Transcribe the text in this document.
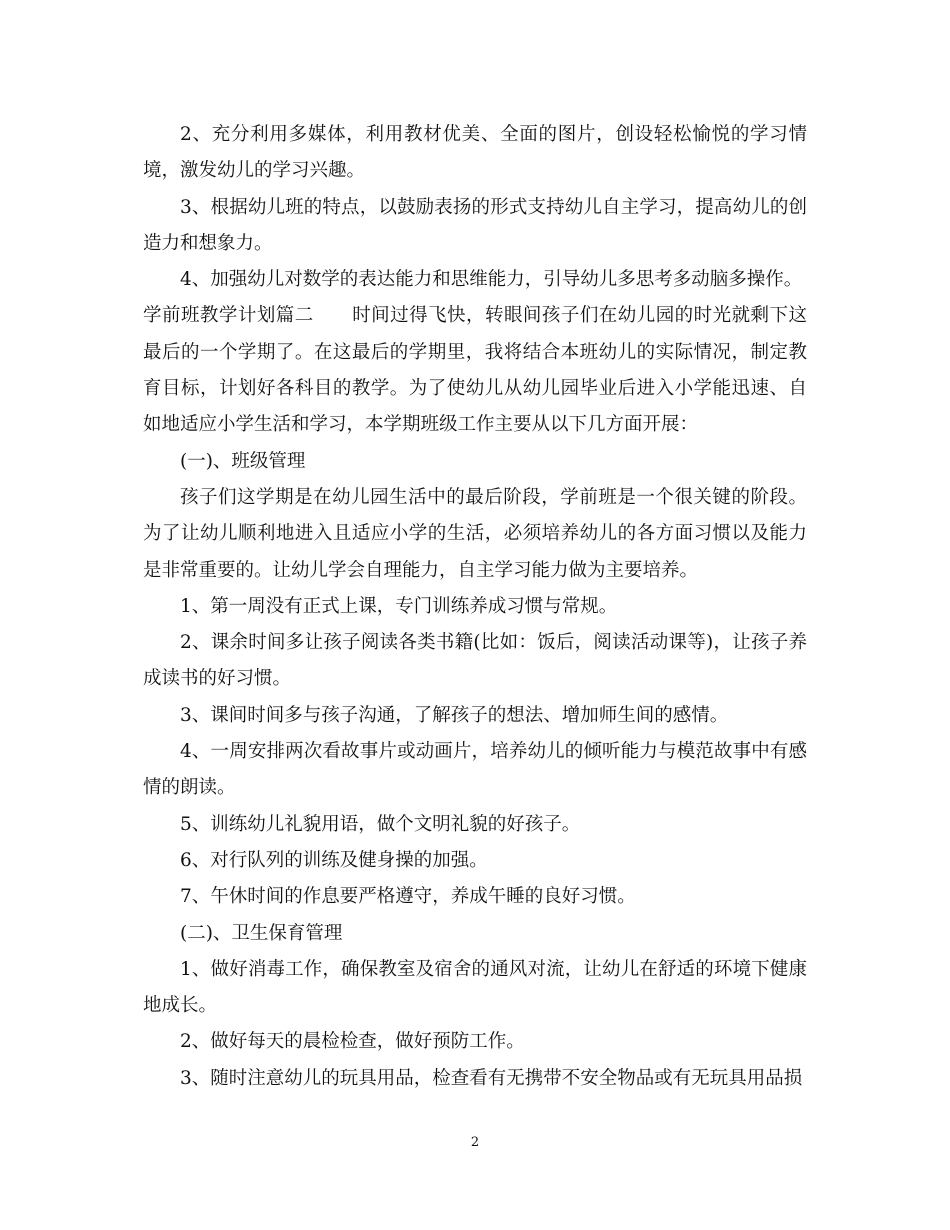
2、充分利用多媒体，利用教材优美、全面的图片，创设轻松愉悦的学习情境，激发幼儿的学习兴趣。

3、根据幼儿班的特点，以鼓励表扬的形式支持幼儿自主学习，提高幼儿的创造力和想象力。

4、加强幼儿对数学的表达能力和思维能力，引导幼儿多思考多动脑多操作。

学前班教学计划篇二 时间过得飞快，转眼间孩子们在幼儿园的时光就剩下这最后的一个学期了。在这最后的学期里，我将结合本班幼儿的实际情况，制定教育目标，计划好各科目的教学。为了使幼儿从幼儿园毕业后进入小学能迅速、自如地适应小学生活和学习，本学期班级工作主要从以下几方面开展：

(一)、班级管理

孩子们这学期是在幼儿园生活中的最后阶段，学前班是一个很关键的阶段。为了让幼儿顺利地进入且适应小学的生活，必须培养幼儿的各方面习惯以及能力是非常重要的。让幼儿学会自理能力，自主学习能力做为主要培养。

1、第一周没有正式上课，专门训练养成习惯与常规。

2、课余时间多让孩子阅读各类书籍(比如：饭后，阅读活动课等)，让孩子养成读书的好习惯。

3、课间时间多与孩子沟通，了解孩子的想法、增加师生间的感情。

4、一周安排两次看故事片或动画片，培养幼儿的倾听能力与模范故事中有感情的朗读。

5、训练幼儿礼貌用语，做个文明礼貌的好孩子。

6、对行队列的训练及健身操的加强。

7、午休时间的作息要严格遵守，养成午睡的良好习惯。

(二)、卫生保育管理

1、做好消毒工作，确保教室及宿舍的通风对流，让幼儿在舒适的环境下健康地成长。

2、做好每天的晨检检查，做好预防工作。

3、随时注意幼儿的玩具用品，检查看有无携带不安全物品或有无玩具用品损

2
